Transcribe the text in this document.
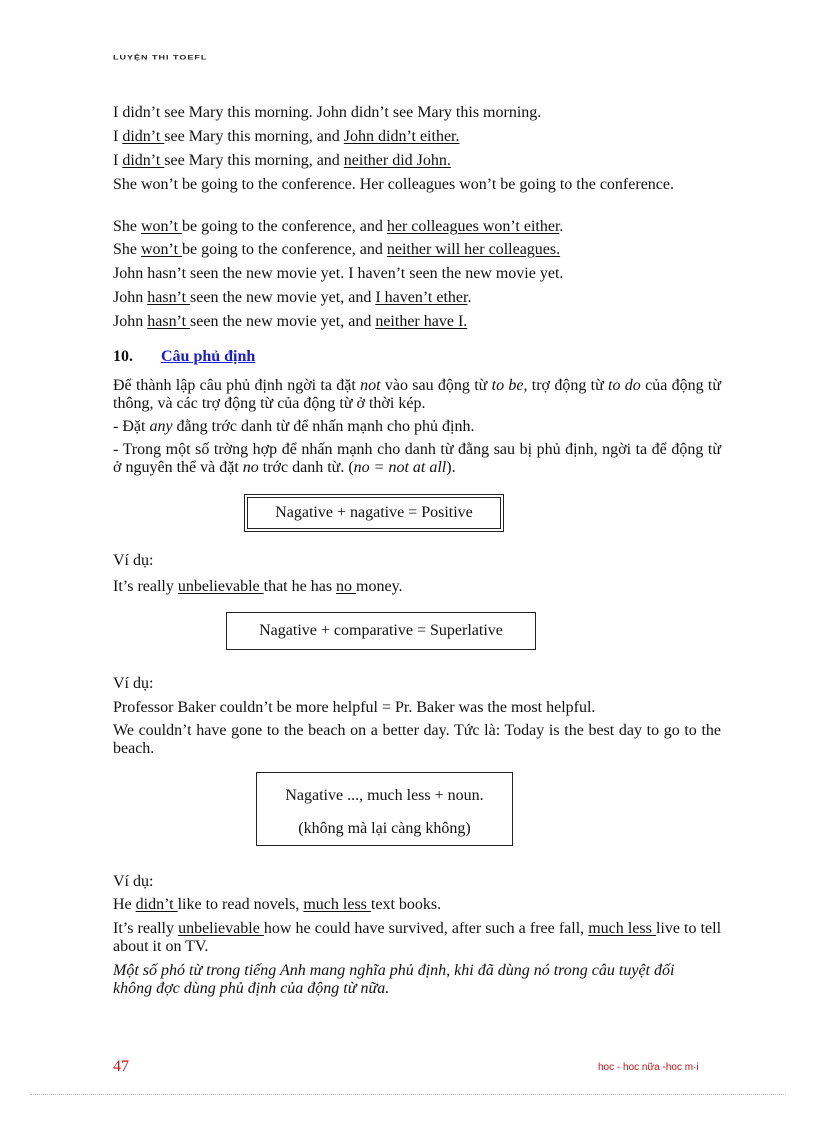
LUYỆN THI TOEFL
I didn’t see Mary this morning. John didn’t see Mary this morning.
I didn’t see Mary this morning, and John didn’t either.
I didn’t see Mary this morning, and neither did John.
She won’t be going to the conference. Her colleagues won’t be going to the conference.
She won’t be going to the conference, and her colleagues won’t either.
She won’t be going to the conference, and neither will her colleagues.
John hasn’t seen the new movie yet. I haven’t seen the new movie yet.
John hasn’t seen the new movie yet, and I haven’t ether.
John hasn’t seen the new movie yet, and neither have I.
10. Câu phủ định
Để thành lập câu phủ định ngời ta đặt not vào sau động từ to be, trợ động từ to do của động từ thông, và các trợ động từ của động từ ở thời kép.
- Đặt any đằng trớc danh từ để nhấn mạnh cho phủ định.
- Trong một số trờng hợp để nhấn mạnh cho danh từ đằng sau bị phủ định, ngời ta để động từ ở nguyên thể và đặt no trớc danh từ. (no = not at all).
Nagative + nagative = Positive
Ví dụ:
It’s really unbelievable that he has no money.
Nagative + comparative = Superlative
Ví dụ:
Professor Baker couldn’t be more helpful = Pr. Baker was the most helpful.
We couldn’t have gone to the beach on a better day. Tức là: Today is the best day to go to the beach.
Nagative ..., much less + noun.
(không mà lại càng không)
Ví dụ:
He didn’t like to read novels, much less text books.
It’s really unbelievable how he could have survived, after such a free fall, much less live to tell about it on TV.
Một số phó từ trong tiếng Anh mang nghĩa phủ định, khi đã dùng nó trong câu tuyệt đối không đợc dùng phủ định của động từ nữa.
47	hoc - hoc nữa -hoc m·i
